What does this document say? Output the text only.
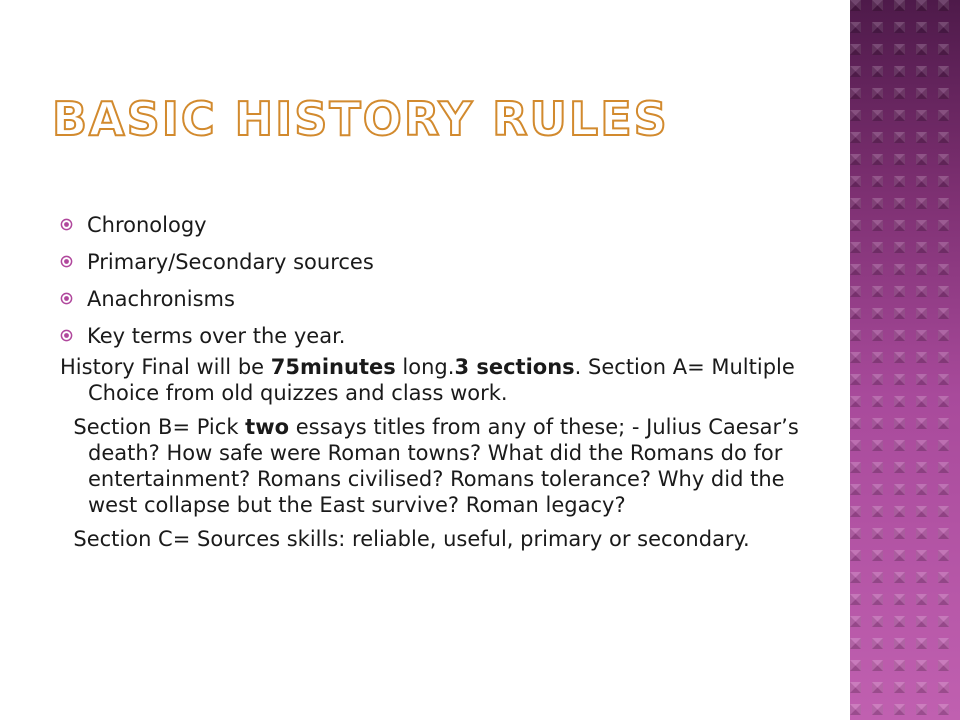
BASIC HISTORY RULES
Chronology
Primary/Secondary sources
Anachronisms
Key terms over the year.

History Final will be 75minutes long.3 sections. Section A= Multiple Choice from old quizzes and class work.

Section B= Pick two essays titles from any of these; - Julius Caesar’s death? How safe were Roman towns? What did the Romans do for entertainment? Romans civilised? Romans tolerance? Why did the west collapse but the East survive? Roman legacy?

Section C= Sources skills: reliable, useful, primary or secondary.
